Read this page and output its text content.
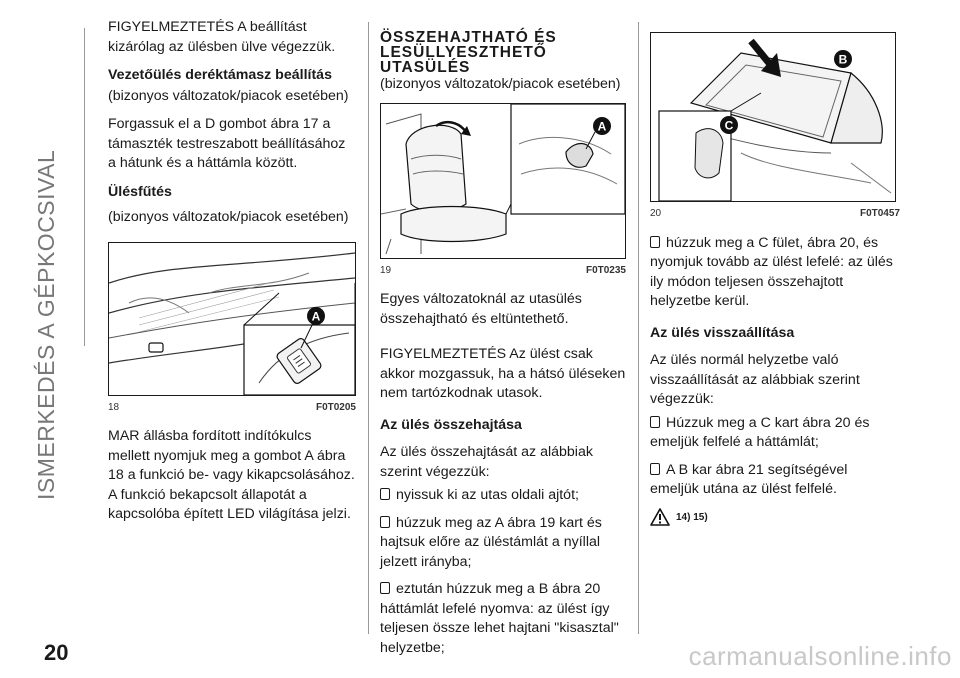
ISMERKEDÉS A GÉPKOCSIVAL
20	carmanualsonline.info

FIGYELMEZTETÉS A beállítást kizárólag az ülésben ülve végezzük.

Vezetőülés deréktámasz beállítás

(bizonyos változatok/piacok esetében)

Forgassuk el a D gombot ábra 17 a támaszték testreszabott beállításához a hátunk és a háttámla között.

Ülésfűtés

(bizonyos változatok/piacok esetében)

A
18	F0T0205

MAR állásba fordított indítókulcs mellett nyomjuk meg a gombot A ábra 18 a funkció be- vagy kikapcsolásához.

A funkció bekapcsolt állapotát a kapcsolóba épített LED világítása jelzi.

ÖSSZEHAJTHATÓ ÉS LESÜLLYESZTHETŐ UTASÜLÉS

(bizonyos változatok/piacok esetében)

A
19	F0T0235

Egyes változatoknál az utasülés összehajtható és eltüntethető.

FIGYELMEZTETÉS Az ülést csak akkor mozgassuk, ha a hátsó üléseken nem tartózkodnak utasok.

Az ülés összehajtása

Az ülés összehajtását az alábbiak szerint végezzük:

nyissuk ki az utas oldali ajtót;
húzzuk meg az A ábra 19 kart és hajtsuk előre az üléstámlát a nyíllal jelzett irányba;
eztután húzzuk meg a B ábra 20 háttámlát lefelé nyomva: az ülést így teljesen össze lehet hajtani "kisasztal" helyzetbe;
B
C
20	F0T0457
húzzuk meg a C fület, ábra 20, és nyomjuk tovább az ülést lefelé: az ülés ily módon teljesen összehajtott helyzetbe kerül.
Az ülés visszaállítása

Az ülés normál helyzetbe való visszaállítását az alábbiak szerint végezzük:

Húzzuk meg a C kart ábra 20 és emeljük felfelé a háttámlát;
A B kar ábra 21 segítségével emeljük utána az ülést felfelé.
14) 15)
